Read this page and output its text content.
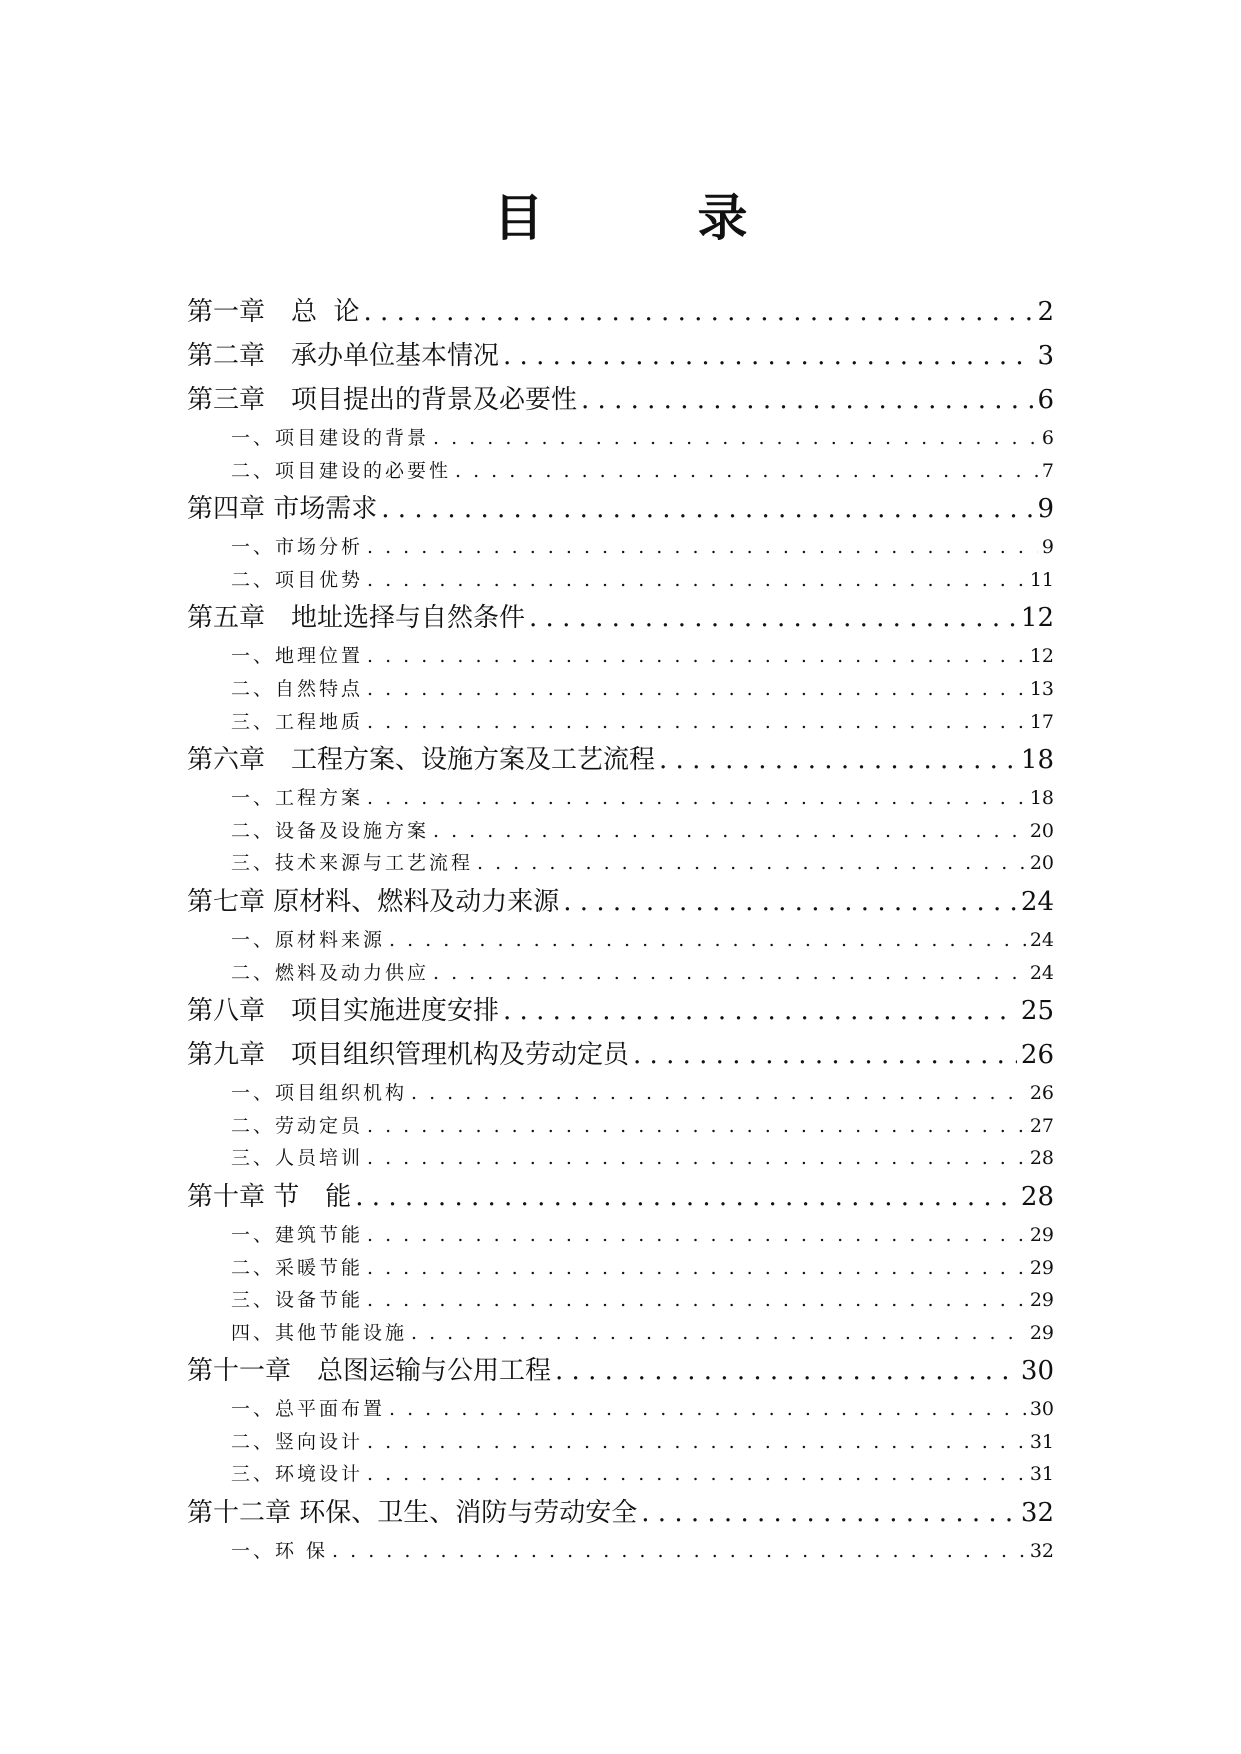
目　录
第一章　总  论 . . .	2
第二章　承办单位基本情况 . . .	3
第三章　项目提出的背景及必要性 . . .	6
一、项目建设的背景 . . .	6
二、项目建设的必要性 . . .	7
第四章 市场需求 . . .	9
一、市场分析 . . .	9
二、项目优势 . . .	11
第五章　地址选择与自然条件 . . .	12
一、地理位置 . . .	12
二、自然特点 . . .	13
三、工程地质 . . .	17
第六章　工程方案、设施方案及工艺流程 . . .	18
一、工程方案 . . .	18
二、设备及设施方案 . . .	20
三、技术来源与工艺流程 . . .	20
第七章 原材料、燃料及动力来源 . . .	24
一、原材料来源 . . .	24
二、燃料及动力供应 . . .	24
第八章　项目实施进度安排 . . .	25
第九章　项目组织管理机构及劳动定员 . . .	26
一、项目组织机构 . . .	26
二、劳动定员 . . .	27
三、人员培训 . . .	28
第十章 节　能 . . .	28
一、建筑节能 . . .	29
二、采暖节能 . . .	29
三、设备节能 . . .	29
四、其他节能设施 . . .	29
第十一章　总图运输与公用工程 . . .	30
一、总平面布置 . . .	30
二、竖向设计 . . .	31
三、环境设计 . . .	31
第十二章 环保、卫生、消防与劳动安全 . . .	32
一、环 保 . . .	32
